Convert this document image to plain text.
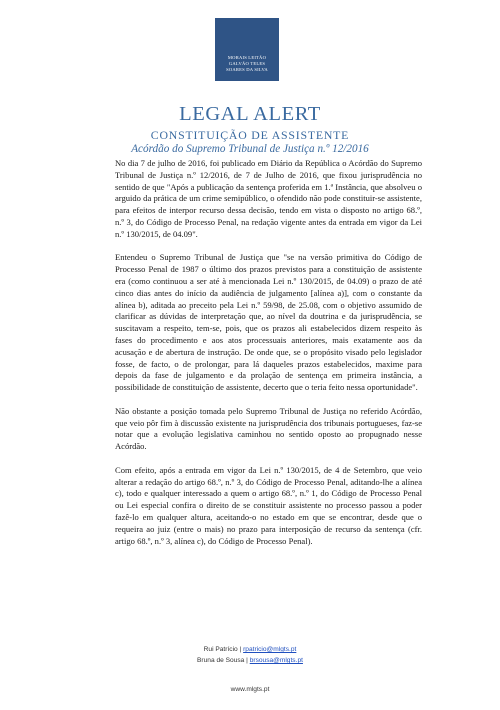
MORAIS LEITÃO
GALVÃO TELES
SOARES DA SILVA
LEGAL ALERT
CONSTITUIÇÃO DE ASSISTENTE
Acórdão do Supremo Tribunal de Justiça n.º 12/2016

No dia 7 de julho de 2016, foi publicado em Diário da República o Acórdão do Supremo Tribunal de Justiça n.º 12/2016, de 7 de Julho de 2016, que fixou jurisprudência no sentido de que "Após a publicação da sentença proferida em 1.ª Instância, que absolveu o arguido da prática de um crime semipúblico, o ofendido não pode constituir-se assistente, para efeitos de interpor recurso dessa decisão, tendo em vista o disposto no artigo 68.º, n.º 3, do Código de Processo Penal, na redação vigente antes da entrada em vigor da Lei n.º 130/2015, de 04.09".

Entendeu o Supremo Tribunal de Justiça que "se na versão primitiva do Código de Processo Penal de 1987 o último dos prazos previstos para a constituição de assistente era (como continuou a ser até à mencionada Lei n.º 130/2015, de 04.09) o prazo de até cinco dias antes do início da audiência de julgamento [alínea a)], com o constante da alínea b), aditada ao preceito pela Lei n.º 59/98, de 25.08, com o objetivo assumido de clarificar as dúvidas de interpretação que, ao nível da doutrina e da jurisprudência, se suscitavam a respeito, tem-se, pois, que os prazos ali estabelecidos dizem respeito às fases do procedimento e aos atos processuais anteriores, mais exatamente aos da acusação e de abertura de instrução. De onde que, se o propósito visado pelo legislador fosse, de facto, o de prolongar, para lá daqueles prazos estabelecidos, maxime para depois da fase de julgamento e da prolação de sentença em primeira instância, a possibilidade de constituição de assistente, decerto que o teria feito nessa oportunidade".

Não obstante a posição tomada pelo Supremo Tribunal de Justiça no referido Acórdão, que veio pôr fim à discussão existente na jurisprudência dos tribunais portugueses, faz-se notar que a evolução legislativa caminhou no sentido oposto ao propugnado nesse Acórdão.

Com efeito, após a entrada em vigor da Lei n.º 130/2015, de 4 de Setembro, que veio alterar a redação do artigo 68.º, n.º 3, do Código de Processo Penal, aditando-lhe a alínea c), todo e qualquer interessado a quem o artigo 68.º, n.º 1, do Código de Processo Penal ou Lei especial confira o direito de se constituir assistente no processo passou a poder fazê-lo em qualquer altura, aceitando-o no estado em que se encontrar, desde que o requeira ao juiz (entre o mais) no prazo para interposição de recurso da sentença (cfr. artigo 68.º, n.º 3, alínea c), do Código de Processo Penal).

Rui Patrício | rpatricio@mlgts.pt
Bruna de Sousa | brsousa@mlgts.pt
www.mlgts.pt
